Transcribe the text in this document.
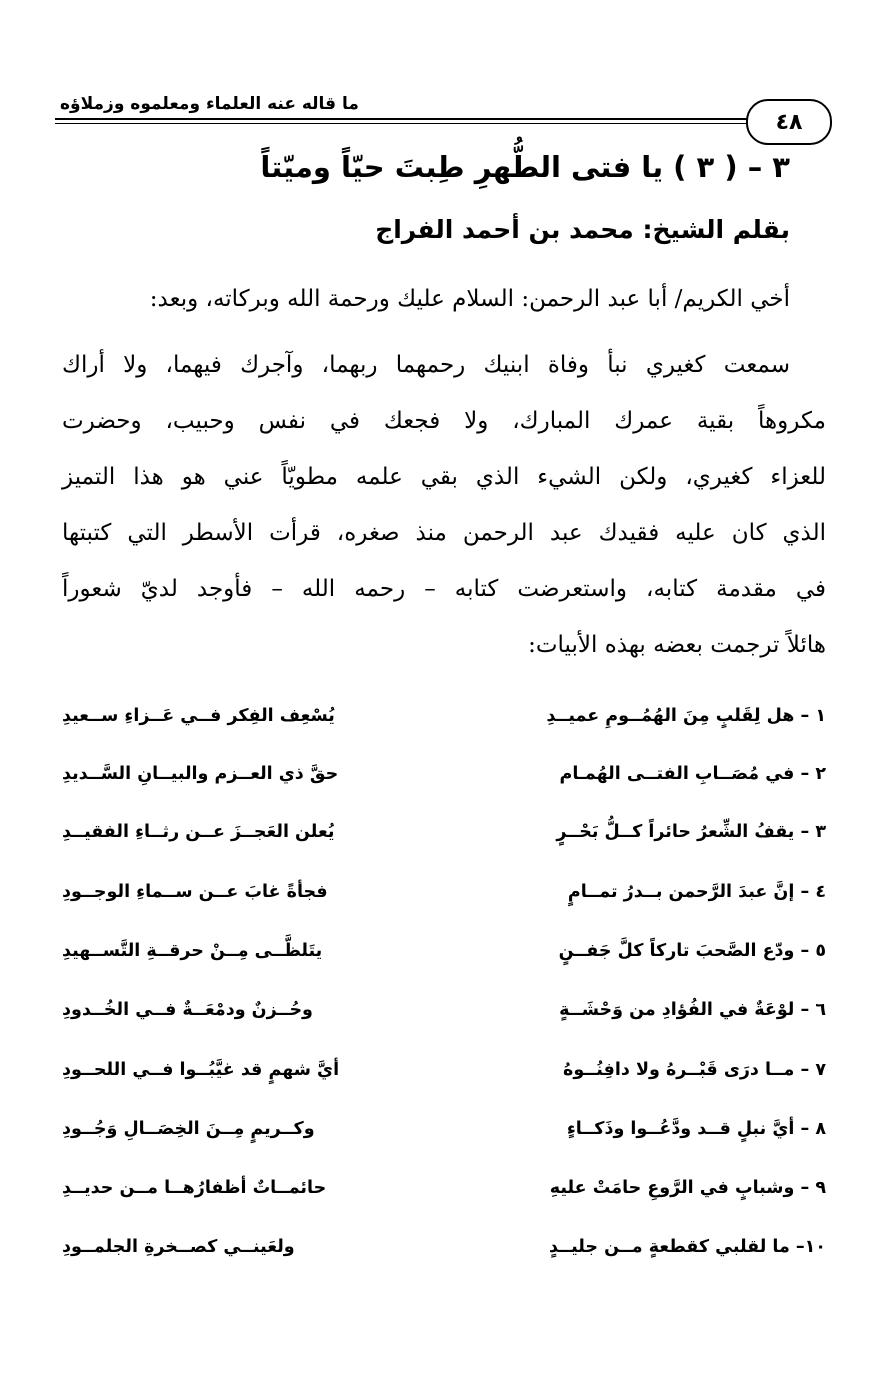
ما قاله عنه العلماء ومعلموه وزملاؤه
٤٨
٣ – ( ٣ ) يا فتى الطُّهرِ طِبتَ حيّاً وميّتاً
بقلم الشيخ: محمد بن أحمد الفراج
أخي الكريم/ أبا عبد الرحمن: السلام عليك ورحمة الله وبركاته، وبعد:
سمعت كغيري نبأ وفاة ابنيك رحمهما ربهما، وآجرك فيهما، ولا أراك
مكروهاً بقية عمرك المبارك، ولا فجعك في نفس وحبيب، وحضرت
للعزاء كغيري، ولكن الشيء الذي بقي علمه مطويّاً عني هو هذا التميز
الذي كان عليه فقيدك عبد الرحمن منذ صغره، قرأت الأسطر التي كتبتها
في مقدمة كتابه، واستعرضت كتابه – رحمه الله – فأوجد لديّ شعوراً
هائلاً ترجمت بعضه بهذه الأبيات:
١ – هل لِقَلبٍ مِنَ الهُمُــومِ عميــدِ
يُسْعِف الفِكر فــي عَــزاءِ ســعيدِ
٢ – في مُصَــابِ الفتــى الهُمـام
حقَّ ذي العــزم والبيــانِ السَّــديدِ
٣ – يقفُ الشِّعرُ حائراً كــلُّ بَحْــرٍ
يُعلن العَجــزَ عــن رثــاءِ الفقيــدِ
٤ – إنَّ عبدَ الرَّحمن بــدرُ تمــامٍ
فجأةً غابَ عــن ســماءِ الوجــودِ
٥ – ودّع الصَّحبَ تاركاً كلَّ جَفــنٍ
يتَلظَّــى مِــنْ حرقــةِ التَّســهيدِ
٦ – لوْعَةٌ في الفُؤادِ من وَحْشَــةٍ
وحُــزنٌ ودمْعَــةٌ فــي الخُــدودِ
٧ – مــا درَى قَبْــرهُ ولا دافِنُــوهُ
أيَّ شهمٍ قد غيَّبُــوا فــي اللحــودِ
٨ – أيَّ نبلٍ قــد ودَّعُــوا وذَكــاءٍ
وكــريمٍ مِــنَ الخِصَــالِ وَجُــودِ
٩ – وشبابٍ في الرَّوعِ حامَتْ عليهِ
حائمــاتٌ أظفارُهــا مــن حديــدِ
١٠– ما لقلبي كقطعةٍ مــن جليــدٍ
ولعَينــي كصــخرةِ الجلمــودِ
